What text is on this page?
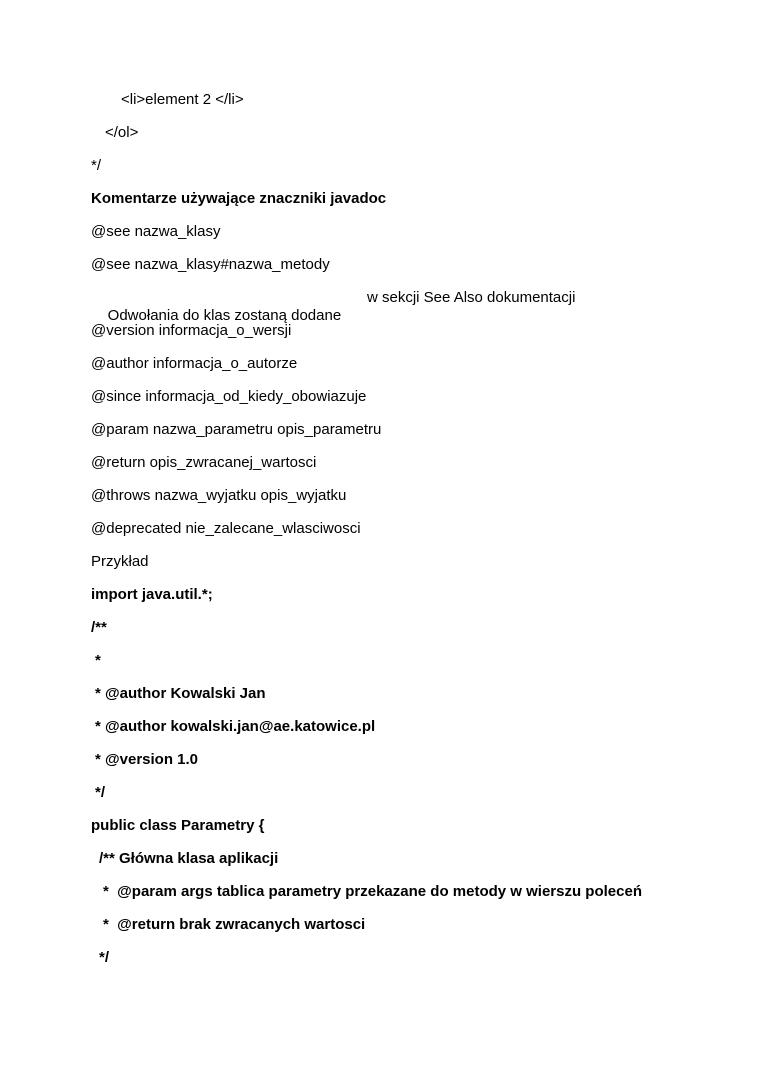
<li>element 2 </li>
</ol>
*/
Komentarze używające znaczniki javadoc
@see nazwa_klasy
@see nazwa_klasy#nazwa_metody

Odwołania do klas zostaną dodane

w sekcji See Also dokumentacji

@version informacja_o_wersji
@author informacja_o_autorze
@since informacja_od_kiedy_obowiazuje
@param nazwa_parametru opis_parametru
@return opis_zwracanej_wartosci
@throws nazwa_wyjatku opis_wyjatku
@deprecated nie_zalecane_wlasciwosci
Przykład
import java.util.*;
/**
*
* @author Kowalski Jan
* @author kowalski.jan@ae.katowice.pl
* @version 1.0
*/
public class Parametry {
/** Główna klasa aplikacji
*  @param args tablica parametry przekazane do metody w wierszu poleceń
*  @return brak zwracanych wartosci
*/
